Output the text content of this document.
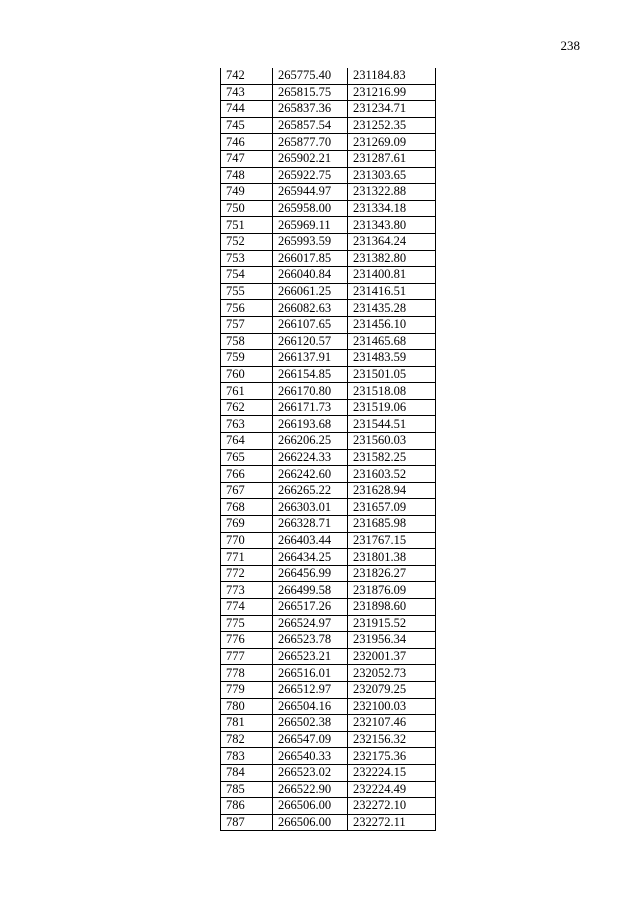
238
742	265775.40	231184.83
743	265815.75	231216.99
744	265837.36	231234.71
745	265857.54	231252.35
746	265877.70	231269.09
747	265902.21	231287.61
748	265922.75	231303.65
749	265944.97	231322.88
750	265958.00	231334.18
751	265969.11	231343.80
752	265993.59	231364.24
753	266017.85	231382.80
754	266040.84	231400.81
755	266061.25	231416.51
756	266082.63	231435.28
757	266107.65	231456.10
758	266120.57	231465.68
759	266137.91	231483.59
760	266154.85	231501.05
761	266170.80	231518.08
762	266171.73	231519.06
763	266193.68	231544.51
764	266206.25	231560.03
765	266224.33	231582.25
766	266242.60	231603.52
767	266265.22	231628.94
768	266303.01	231657.09
769	266328.71	231685.98
770	266403.44	231767.15
771	266434.25	231801.38
772	266456.99	231826.27
773	266499.58	231876.09
774	266517.26	231898.60
775	266524.97	231915.52
776	266523.78	231956.34
777	266523.21	232001.37
778	266516.01	232052.73
779	266512.97	232079.25
780	266504.16	232100.03
781	266502.38	232107.46
782	266547.09	232156.32
783	266540.33	232175.36
784	266523.02	232224.15
785	266522.90	232224.49
786	266506.00	232272.10
787	266506.00	232272.11
